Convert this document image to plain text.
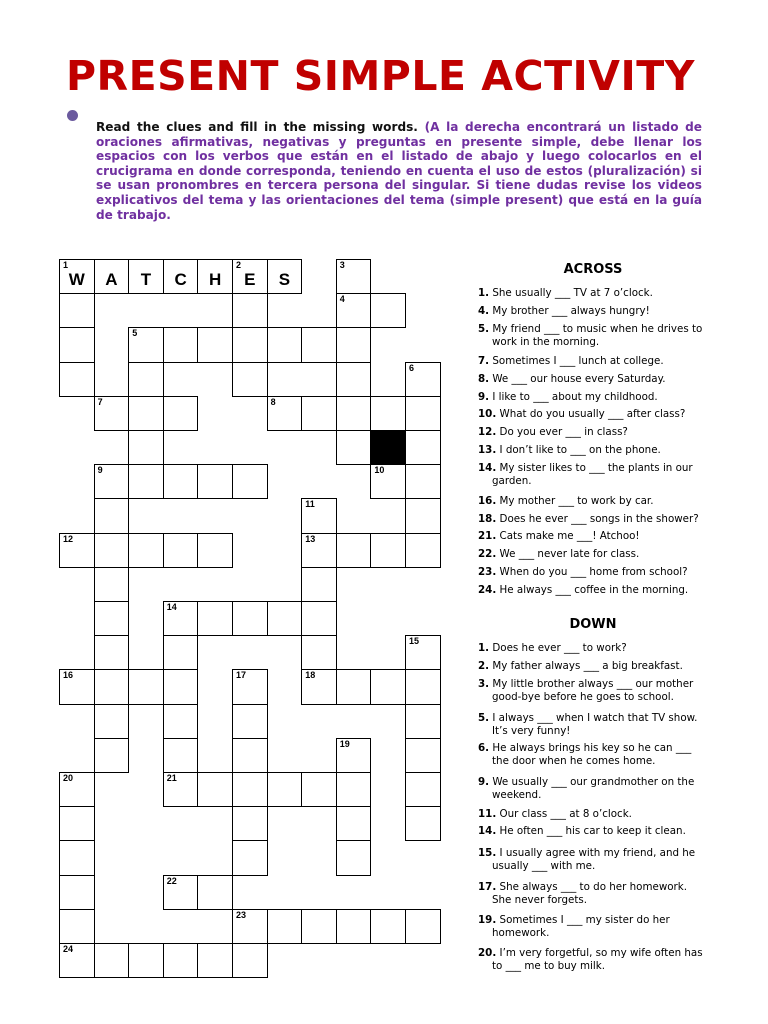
PRESENT SIMPLE ACTIVITY
Read the clues and fill in the missing words. (A la derecha encontrará un listado de oraciones afirmativas, negativas y preguntas en presente simple, debe llenar los espacios con los verbos que están en el listado de abajo y luego colocarlos en el crucigrama en donde corresponda, teniendo en cuenta el uso de estos (pluralización) si se usan pronombres en tercera persona del singular. Si tiene dudas revise los videos explicativos del tema y las orientaciones del tema (simple present) que está en la guía de trabajo.
1
W	A	T	C	H
2
E	S
3
4
5
6
7	8
9	10
11
12	13
14
15
16	17	18
19
20	21
22
23
24
ACROSS
1. She usually ___ TV at 7 o’clock.
4. My brother ___ always hungry!
5. My friend ___ to music when he drives to work in the morning.
7. Sometimes I ___ lunch at college.
8. We ___ our house every Saturday.
9. I like to ___ about my childhood.
10. What do you usually ___ after class?
12. Do you ever ___ in class?
13. I don’t like to ___ on the phone.
14. My sister likes to ___ the plants in our garden.
16. My mother ___ to work by car.
18. Does he ever ___ songs in the shower?
21. Cats make me ___! Atchoo!
22. We ___ never late for class.
23. When do you ___ home from school?
24. He always ___ coffee in the morning.
DOWN
1. Does he ever ___ to work?
2. My father always ___ a big breakfast.
3. My little brother always ___ our mother good-bye before he goes to school.
5. I always ___ when I watch that TV show. It’s very funny!
6. He always brings his key so he can ___ the door when he comes home.
9. We usually ___ our grandmother on the weekend.
11. Our class ___ at 8 o’clock.
14. He often ___ his car to keep it clean.
15. I usually agree with my friend, and he usually ___ with me.
17. She always ___ to do her homework. She never forgets.
19. Sometimes I ___ my sister do her homework.
20. I’m very forgetful, so my wife often has to ___ me to buy milk.
